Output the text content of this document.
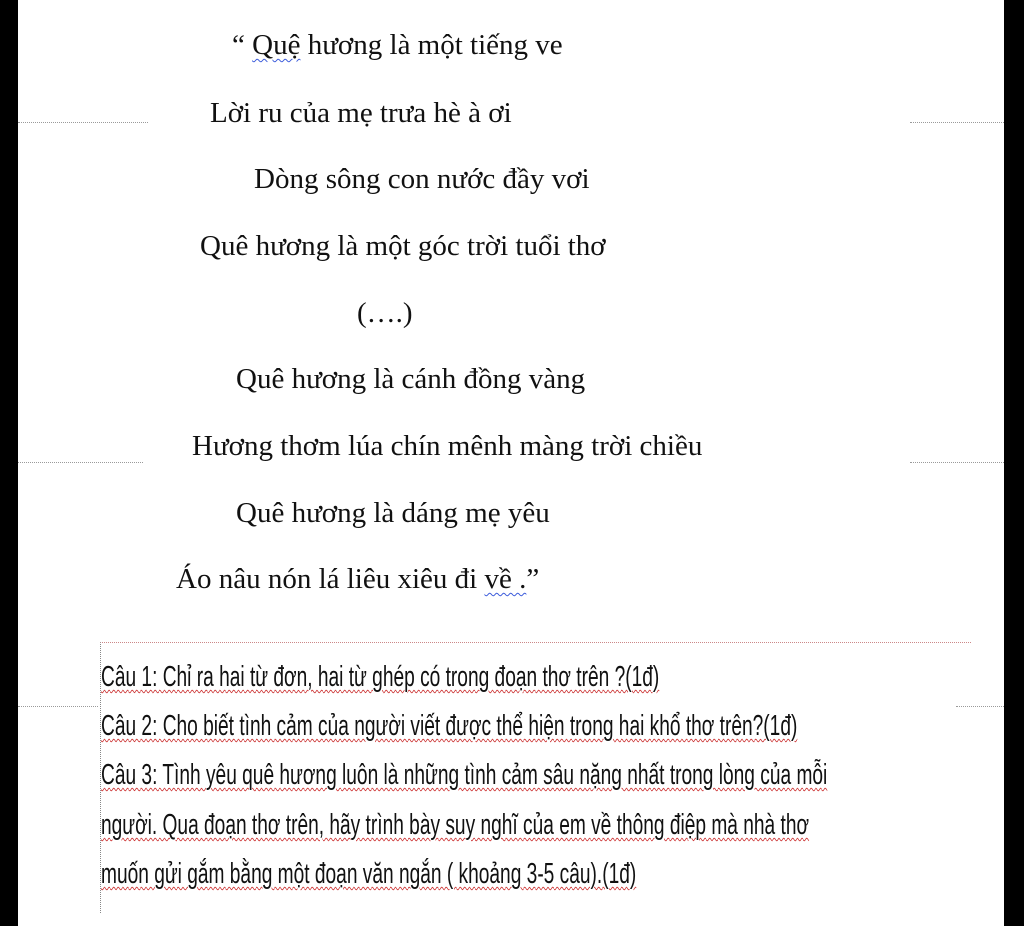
“ Quệ hương là một tiếng ve
Lời ru của mẹ trưa hè à ơi
Dòng sông con nước đầy vơi
Quê hương là một góc trời tuổi thơ
(….)
Quê hương là cánh đồng vàng
Hương thơm lúa chín mênh màng trời chiều
Quê hương là dáng mẹ yêu
Áo nâu nón lá liêu xiêu đi về .”
Câu 1: Chỉ ra hai từ đơn, hai từ ghép có trong đoạn thơ trên ?(1đ)
Câu 2: Cho biết tình cảm của người viết được thể hiện trong hai khổ thơ trên?(1đ)
Câu 3: Tình yêu quê hương luôn là những tình cảm sâu nặng nhất trong lòng của mỗi
người. Qua đoạn thơ trên, hãy trình bày suy nghĩ của em về thông điệp mà nhà thơ
muốn gửi gắm bằng một đoạn văn ngắn ( khoảng 3-5 câu).(1đ)
